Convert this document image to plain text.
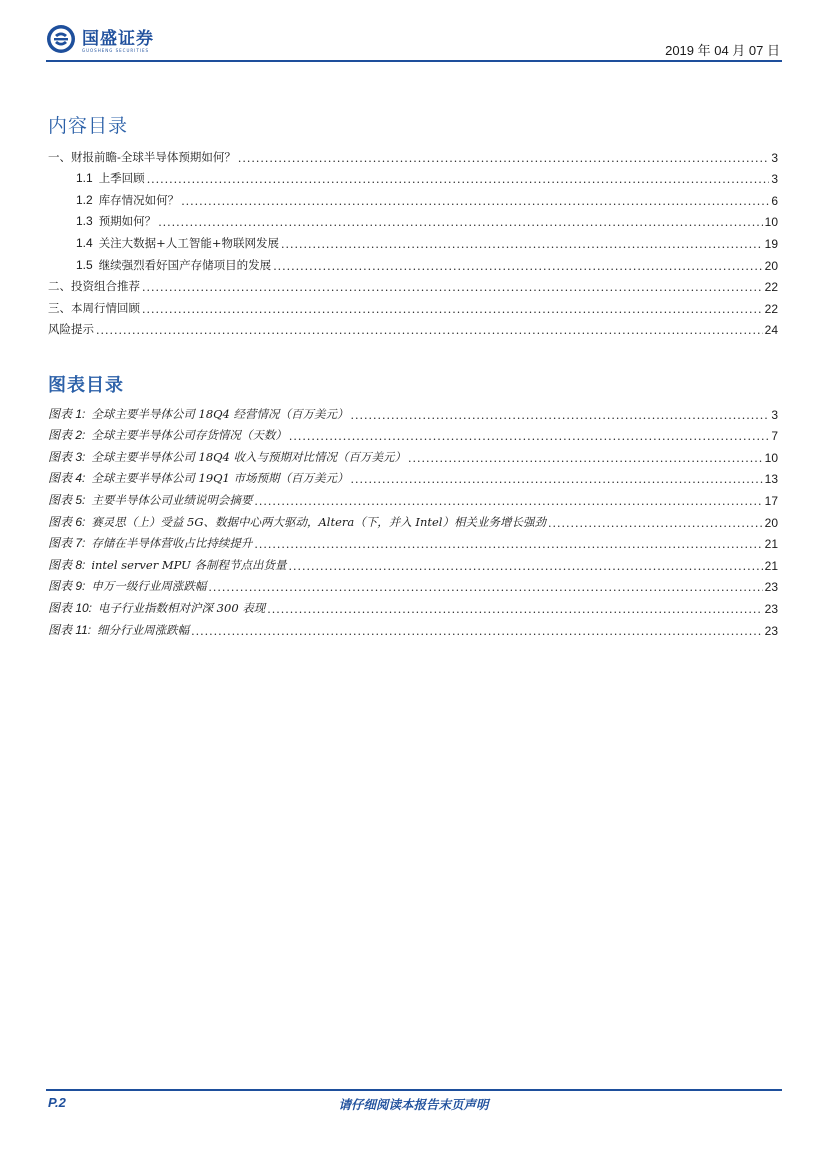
国盛证券
GUOSHENG SECURITIES	2019 年 04 月 07 日
内容目录
一、财报前瞻-全球半导体预期如何？ .....	3
1.1 上季回顾 .....	3
1.2 库存情况如何？ .....	6
1.3 预期如何？ .....	10
1.4 关注大数据+人工智能+物联网发展 .....	19
1.5 继续强烈看好国产存储项目的发展 .....	20
二、投资组合推荐 .....	22
三、本周行情回顾 .....	22
风险提示 .....	24
图表目录
图表 1: 全球主要半导体公司 18Q4 经营情况（百万美元） .....	3
图表 2: 全球主要半导体公司存货情况（天数） .....	7
图表 3: 全球主要半导体公司 18Q4 收入与预期对比情况（百万美元） .....	10
图表 4: 全球主要半导体公司 19Q1 市场预期（百万美元） .....	13
图表 5: 主要半导体公司业绩说明会摘要 .....	17
图表 6: 赛灵思（上）受益 5G、数据中心两大驱动，Altera（下，并入 Intel）相关业务增长强劲 .....	20
图表 7: 存储在半导体营收占比持续提升 .....	21
图表 8: intel server MPU 各制程节点出货量 .....	21
图表 9: 申万一级行业周涨跌幅 .....	23
图表 10: 电子行业指数相对沪深 300 表现 .....	23
图表 11: 细分行业周涨跌幅 .....	23
P.2	请仔细阅读本报告末页声明
